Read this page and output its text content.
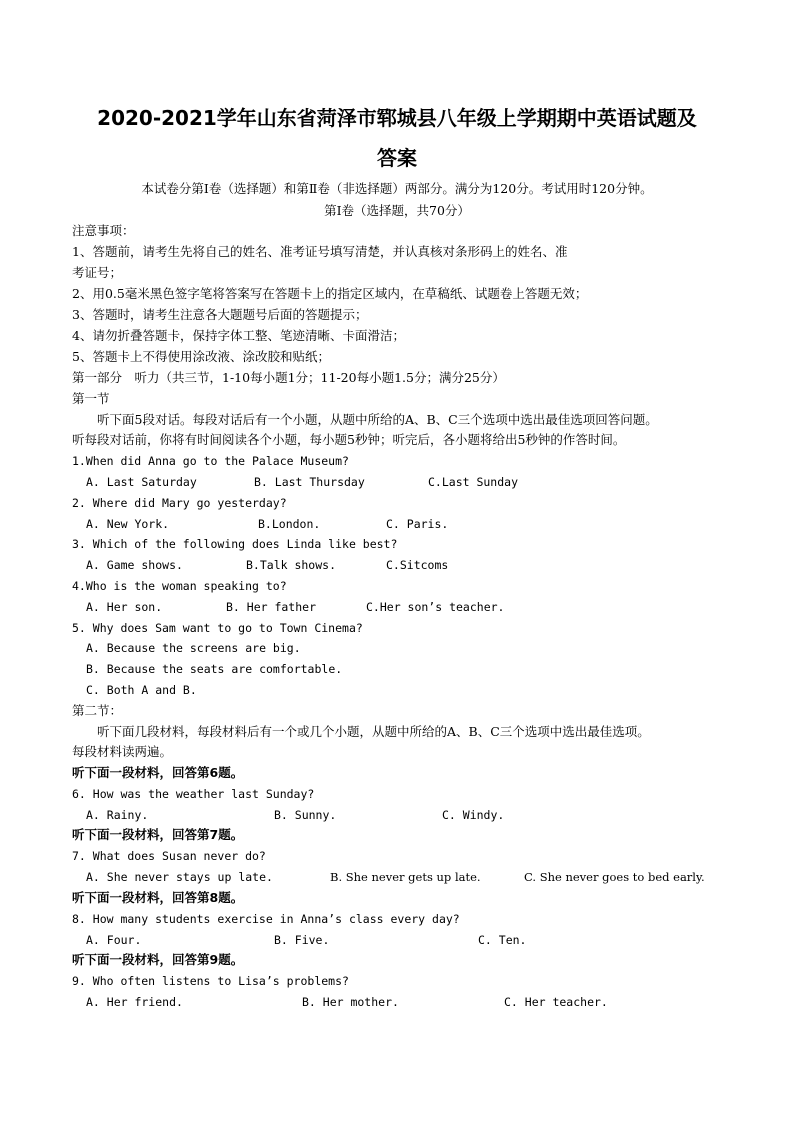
2020-2021学年山东省菏泽市郓城县八年级上学期期中英语试题及
答案
本试卷分第Ⅰ卷（选择题）和第Ⅱ卷（非选择题）两部分。满分为120分。考试用时120分钟。
第Ⅰ卷（选择题，共70分）
注意事项：
1、答题前，请考生先将自己的姓名、准考证号填写清楚，并认真核对条形码上的姓名、准
考证号；
2、用0.5毫米黑色签字笔将答案写在答题卡上的指定区域内，在草稿纸、试题卷上答题无效；
3、答题时，请考生注意各大题题号后面的答题提示；
4、请勿折叠答题卡，保持字体工整、笔迹清晰、卡面滑洁；
5、答题卡上不得使用涂改液、涂改胶和贴纸；
第一部分　听力（共三节，1-10每小题1分；11-20每小题1.5分；满分25分）
第一节
听下面5段对话。每段对话后有一个小题，从题中所给的A、B、C三个选项中选出最佳选项回答问题。
听每段对话前，你将有时间阅读各个小题，每小题5秒钟；听完后，各小题将给出5秒钟的作答时间。
1.When did Anna go to the Palace Museum?
A. Last Saturday	B. Last Thursday	C.Last Sunday
2. Where did Mary go yesterday?
A. New York.	B.London.	C. Paris.
3. Which of the following does Linda like best?
A. Game shows.	B.Talk shows.	C.Sitcoms
4.Who is the woman speaking to?
A. Her son.	B. Her father	C.Her son’s teacher.
5. Why does Sam want to go to Town Cinema?
A. Because the screens are big.
B. Because the seats are comfortable.
C. Both A and B.
第二节：
听下面几段材料，每段材料后有一个或几个小题，从题中所给的A、B、C三个选项中选出最佳选项。
每段材料读两遍。
听下面一段材料，回答第6题。
6. How was the weather last Sunday?
A. Rainy.	B. Sunny.	C. Windy.
听下面一段材料，回答第7题。
7. What does Susan never do?
A. She never stays up late.	B. She never gets up late.	C. She never goes to bed early.
听下面一段材料，回答第8题。
8. How many students exercise in Anna’s class every day?
A. Four.	B. Five.	C. Ten.
听下面一段材料，回答第9题。
9. Who often listens to Lisa’s problems?
A. Her friend.	B. Her mother.	C. Her teacher.
